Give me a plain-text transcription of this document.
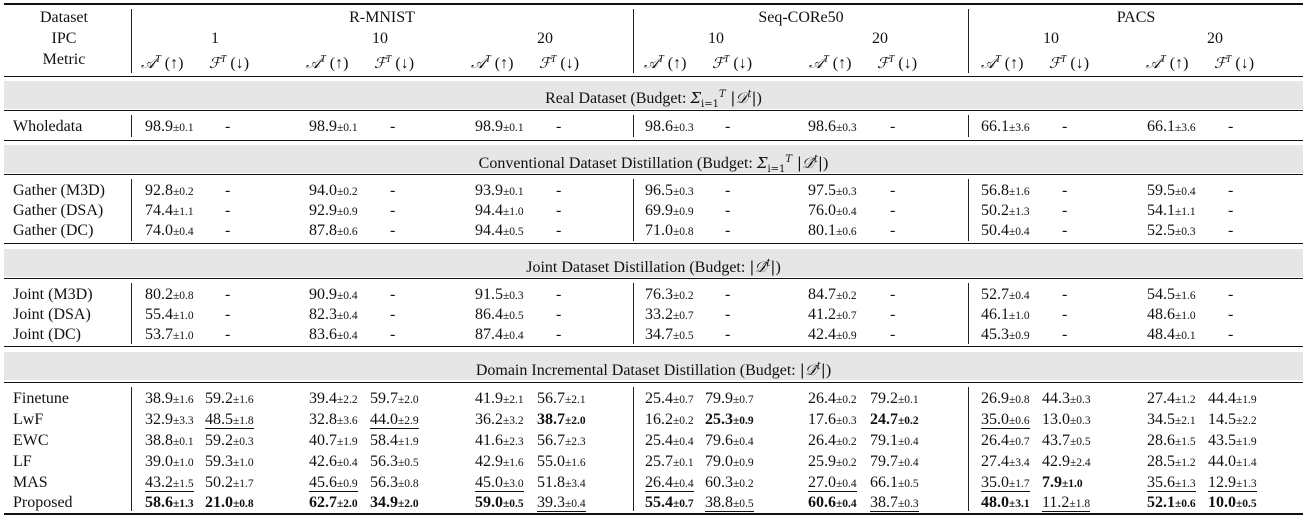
Dataset
IPC
Metric
R-MNIST	Seq-CORe50	PACS
1	10	20	10	20	10	20
𝒜$^T$ (↑) ℱ$^T$ (↓)	𝒜$^T$ (↑) ℱ$^T$ (↓)	𝒜$^T$ (↑) ℱ$^T$ (↓)	𝒜$^T$ (↑) ℱ$^T$ (↓)	𝒜$^T$ (↑) ℱ$^T$ (↓)	𝒜$^T$ (↑) ℱ$^T$ (↓)	𝒜$^T$ (↑) ℱ$^T$ (↓)
Real Dataset (Budget: $\Sigma_{i=1}^T$ |𝒟$^t$|)
Conventional Dataset Distillation (Budget: $\Sigma_{i=1}^T$ |𝒟̂$^t$|)
Joint Dataset Distillation (Budget: |𝒟̂$^t$|)
Domain Incremental Dataset Distillation (Budget: |𝒟̂$^t$|)
Wholedata	98.9±0.1 -	98.9±0.1 -	98.9±0.1 -	98.6±0.3 -	98.6±0.3 -	66.1±3.6 -	66.1±3.6 -
Gather (M3D)	92.8±0.2 -	94.0±0.2 -	93.9±0.1 -	96.5±0.3 -	97.5±0.3 -	56.8±1.6 -	59.5±0.4 -
Gather (DSA)	74.4±1.1 -	92.9±0.9 -	94.4±1.0 -	69.9±0.9 -	76.0±0.4 -	50.2±1.3 -	54.1±1.1 -
Gather (DC)	74.0±0.4 -	87.8±0.6 -	94.4±0.5 -	71.0±0.8 -	80.1±0.6 -	50.4±0.4 -	52.5±0.3 -
Joint (M3D)	80.2±0.8 -	90.9±0.4 -	91.5±0.3 -	76.3±0.2 -	84.7±0.2 -	52.7±0.4 -	54.5±1.6 -
Joint (DSA)	55.4±1.0 -	82.3±0.4 -	86.4±0.5 -	33.2±0.7 -	41.2±0.7 -	46.1±1.0 -	48.6±1.0 -
Joint (DC)	53.7±1.0 -	83.6±0.4 -	87.4±0.4 -	34.7±0.5 -	42.4±0.9 -	45.3±0.9 -	48.4±0.1 -
Finetune	38.9±1.6 59.2±1.6	39.4±2.2 59.7±2.0	41.9±2.1 56.7±2.1	25.4±0.7 79.9±0.7	26.4±0.2 79.2±0.1	26.9±0.8 44.3±0.3	27.4±1.2 44.4±1.9
LwF	32.9±3.3 48.5±1.8	32.8±3.6 44.0±2.9	36.2±3.2 38.7±2.0	16.2±0.2 25.3±0.9	17.6±0.3 24.7±0.2	35.0±0.6 13.0±0.3	34.5±2.1 14.5±2.2
EWC	38.8±0.1 59.2±0.3	40.7±1.9 58.4±1.9	41.6±2.3 56.7±2.3	25.4±0.4 79.6±0.4	26.4±0.2 79.1±0.4	26.4±0.7 43.7±0.5	28.6±1.5 43.5±1.9
LF	39.0±1.0 59.3±1.0	42.6±0.4 56.3±0.5	42.9±1.6 55.0±1.6	25.7±0.1 79.0±0.9	25.9±0.2 79.7±0.4	27.4±3.4 42.9±2.4	28.5±1.2 44.0±1.4
MAS	43.2±1.5 50.2±1.7	45.6±0.9 56.3±0.8	45.0±3.0 51.8±3.4	26.4±0.4 60.3±0.2	27.0±0.4 66.1±0.5	35.0±1.7 7.9±1.0	35.6±1.3 12.9±1.3
Proposed	58.6±1.3 21.0±0.8	62.7±2.0 34.9±2.0	59.0±0.5 39.3±0.4	55.4±0.7 38.8±0.5	60.6±0.4 38.7±0.3	48.0±3.1 11.2±1.8	52.1±0.6 10.0±0.5
